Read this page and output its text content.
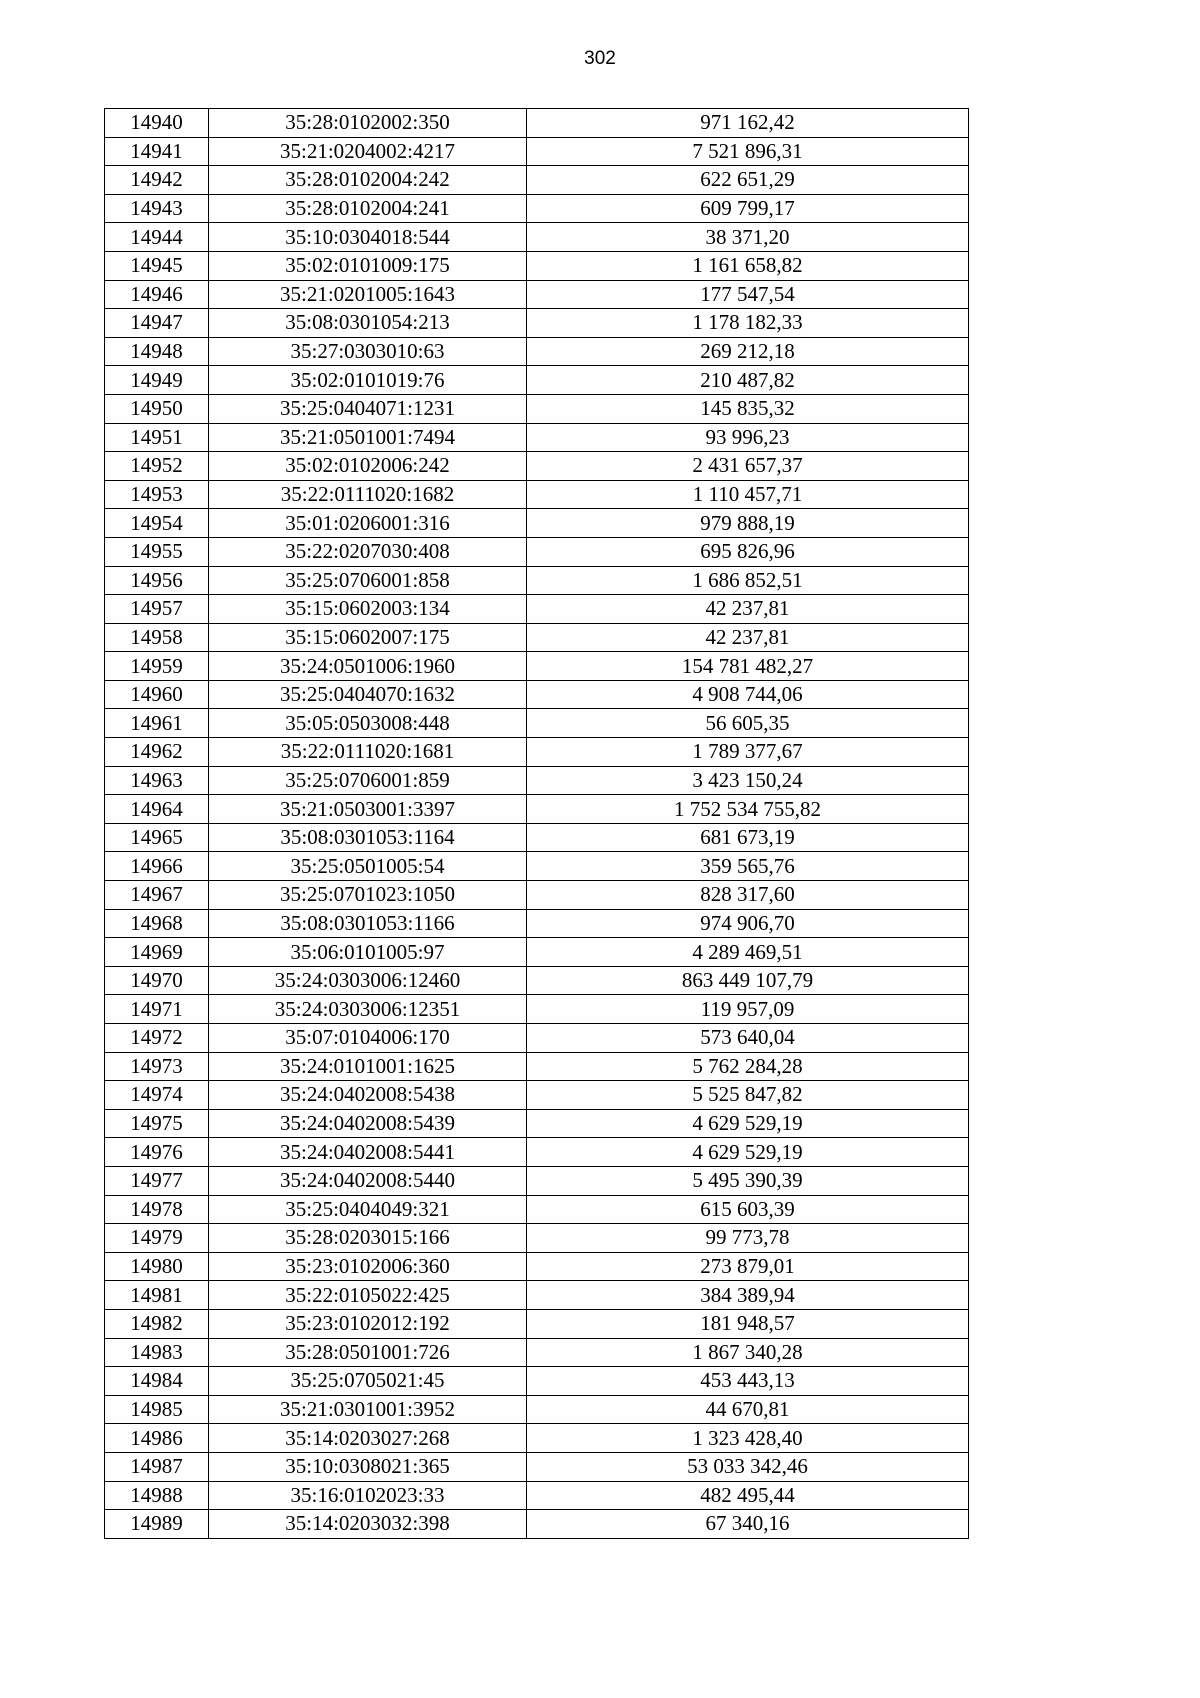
302
14940	35:28:0102002:350	971 162,42
14941	35:21:0204002:4217	7 521 896,31
14942	35:28:0102004:242	622 651,29
14943	35:28:0102004:241	609 799,17
14944	35:10:0304018:544	38 371,20
14945	35:02:0101009:175	1 161 658,82
14946	35:21:0201005:1643	177 547,54
14947	35:08:0301054:213	1 178 182,33
14948	35:27:0303010:63	269 212,18
14949	35:02:0101019:76	210 487,82
14950	35:25:0404071:1231	145 835,32
14951	35:21:0501001:7494	93 996,23
14952	35:02:0102006:242	2 431 657,37
14953	35:22:0111020:1682	1 110 457,71
14954	35:01:0206001:316	979 888,19
14955	35:22:0207030:408	695 826,96
14956	35:25:0706001:858	1 686 852,51
14957	35:15:0602003:134	42 237,81
14958	35:15:0602007:175	42 237,81
14959	35:24:0501006:1960	154 781 482,27
14960	35:25:0404070:1632	4 908 744,06
14961	35:05:0503008:448	56 605,35
14962	35:22:0111020:1681	1 789 377,67
14963	35:25:0706001:859	3 423 150,24
14964	35:21:0503001:3397	1 752 534 755,82
14965	35:08:0301053:1164	681 673,19
14966	35:25:0501005:54	359 565,76
14967	35:25:0701023:1050	828 317,60
14968	35:08:0301053:1166	974 906,70
14969	35:06:0101005:97	4 289 469,51
14970	35:24:0303006:12460	863 449 107,79
14971	35:24:0303006:12351	119 957,09
14972	35:07:0104006:170	573 640,04
14973	35:24:0101001:1625	5 762 284,28
14974	35:24:0402008:5438	5 525 847,82
14975	35:24:0402008:5439	4 629 529,19
14976	35:24:0402008:5441	4 629 529,19
14977	35:24:0402008:5440	5 495 390,39
14978	35:25:0404049:321	615 603,39
14979	35:28:0203015:166	99 773,78
14980	35:23:0102006:360	273 879,01
14981	35:22:0105022:425	384 389,94
14982	35:23:0102012:192	181 948,57
14983	35:28:0501001:726	1 867 340,28
14984	35:25:0705021:45	453 443,13
14985	35:21:0301001:3952	44 670,81
14986	35:14:0203027:268	1 323 428,40
14987	35:10:0308021:365	53 033 342,46
14988	35:16:0102023:33	482 495,44
14989	35:14:0203032:398	67 340,16
